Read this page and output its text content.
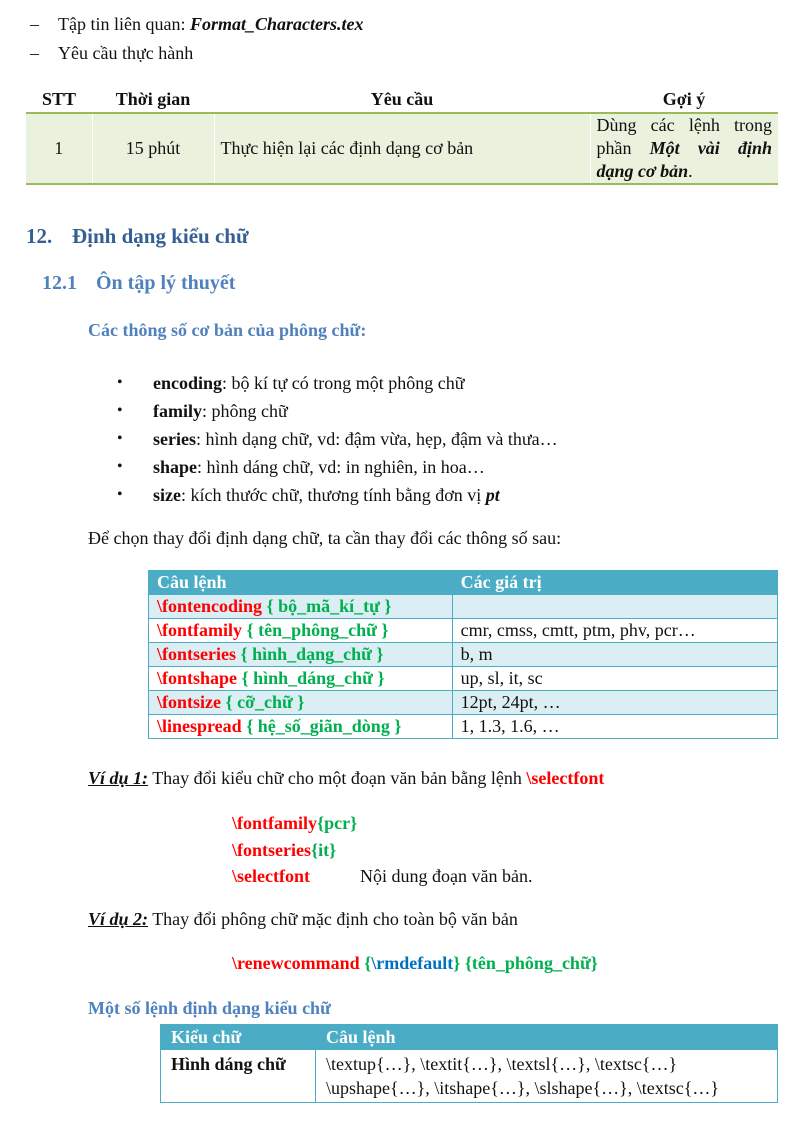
– Tập tin liên quan: Format_Characters.tex
– Yêu cầu thực hành
STT	Thời gian	Yêu cầu	Gợi ý
1	15 phút	Thực hiện lại các định dạng cơ bản	Dùng các lệnh trong
phần Một vài định
dạng cơ bản.
12. Định dạng kiểu chữ
12.1 Ôn tập lý thuyết
Các thông số cơ bản của phông chữ:
• encoding: bộ kí tự có trong một phông chữ
• family: phông chữ
• series: hình dạng chữ, vd: đậm vừa, hẹp, đậm và thưa…
• shape: hình dáng chữ, vd: in nghiên, in hoa…
• size: kích thước chữ, thương tính bằng đơn vị pt
Để chọn thay đổi định dạng chữ, ta cần thay đổi các thông số sau:
Câu lệnh	Các giá trị
\fontencoding { bộ_mã_kí_tự }	
\fontfamily { tên_phông_chữ }	cmr, cmss, cmtt, ptm, phv, pcr…
\fontseries { hình_dạng_chữ }	b, m
\fontshape { hình_dáng_chữ }	up, sl, it, sc
\fontsize { cỡ_chữ }	12pt, 24pt, …
\linespread { hệ_số_giãn_dòng }	1, 1.3, 1.6, …
Ví dụ 1: Thay đổi kiểu chữ cho một đoạn văn bản bằng lệnh \selectfont
\fontfamily{pcr}
\fontseries{it}
\selectfont	Nội dung đoạn văn bản.
Ví dụ 2: Thay đổi phông chữ mặc định cho toàn bộ văn bản
\renewcommand {\rmdefault} {tên_phông_chữ}
Một số lệnh định dạng kiểu chữ
Kiểu chữ	Câu lệnh
Hình dáng chữ	\textup{…}, \textit{…}, \textsl{…}, \textsc{…}
\upshape{…}, \itshape{…}, \slshape{…}, \textsc{…}
